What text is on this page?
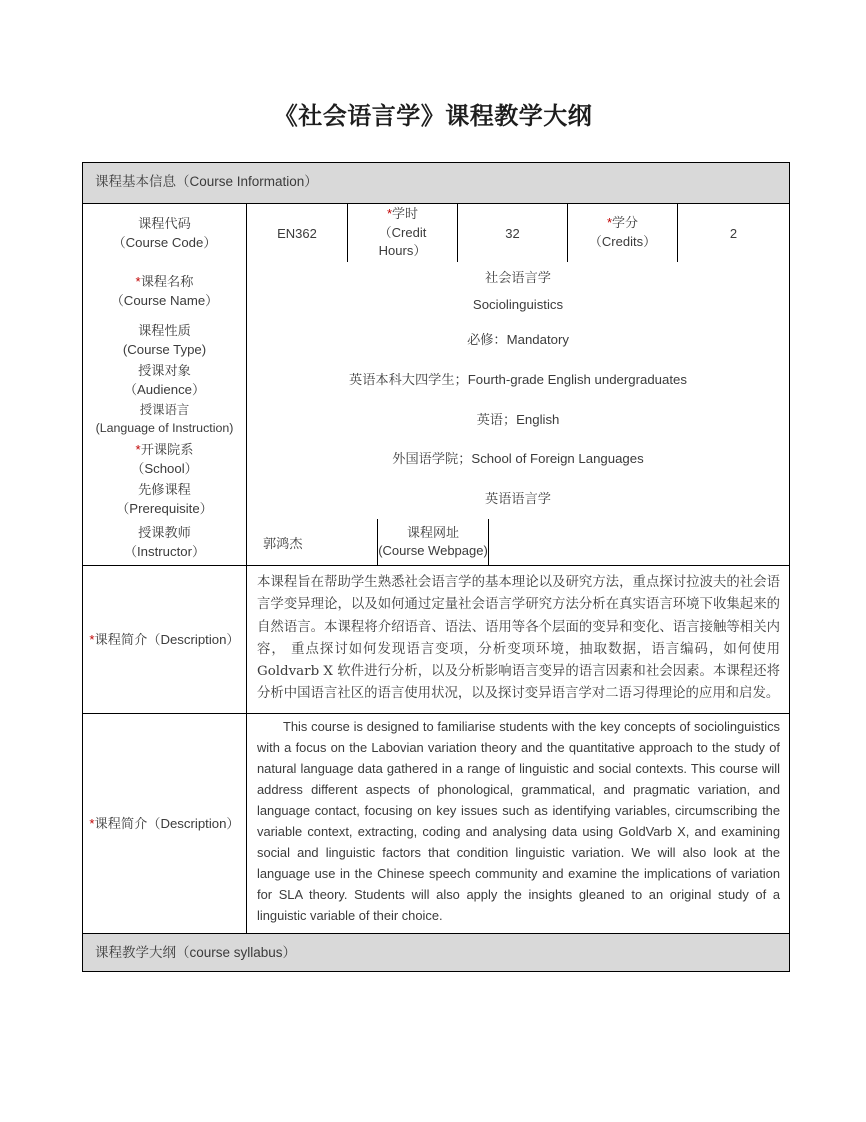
《社会语言学》课程教学大纲
课程基本信息（Course Information）
课程代码
（Course Code）
EN362
*学时
（Credit
Hours）
32
*学分
（Credits）
2
*课程名称
（Course Name）
社会语言学
Sociolinguistics
课程性质
(Course Type)
必修：Mandatory
授课对象
（Audience）
英语本科大四学生；Fourth-grade English undergraduates
授课语言
(Language of Instruction)
英语；English
*开课院系
（School）
外国语学院；School of Foreign Languages
先修课程
（Prerequisite）
英语语言学
授课教师
（Instructor）
郭鸿杰
课程网址
(Course Webpage)
*课程简介（Description）
本课程旨在帮助学生熟悉社会语言学的基本理论以及研究方法，重点探讨拉波夫的社会语言学变异理论，以及如何通过定量社会语言学研究方法分析在真实语言环境下收集起来的自然语言。本课程将介绍语音、语法、语用等各个层面的变异和变化、语言接触等相关内容， 重点探讨如何发现语言变项，分析变项环境，抽取数据，语言编码，如何使用Goldvarb X 软件进行分析，以及分析影响语言变异的语言因素和社会因素。本课程还将分析中国语言社区的语言使用状况，以及探讨变异语言学对二语习得理论的应用和启发。
*课程简介（Description）
This course is designed to familiarise students with the key concepts of sociolinguistics with a focus on the Labovian variation theory and the quantitative approach to the study of natural language data gathered in a range of linguistic and social contexts. This course will address different aspects of phonological, grammatical, and pragmatic variation, and language contact, focusing on key issues such as identifying variables, circumscribing the variable context, extracting, coding and analysing data using GoldVarb X, and examining social and linguistic factors that condition linguistic variation. We will also look at the language use in the Chinese speech community and examine the implications of variation for SLA theory. Students will also apply the insights gleaned to an original study of a linguistic variable of their choice.
课程教学大纲（course syllabus）
